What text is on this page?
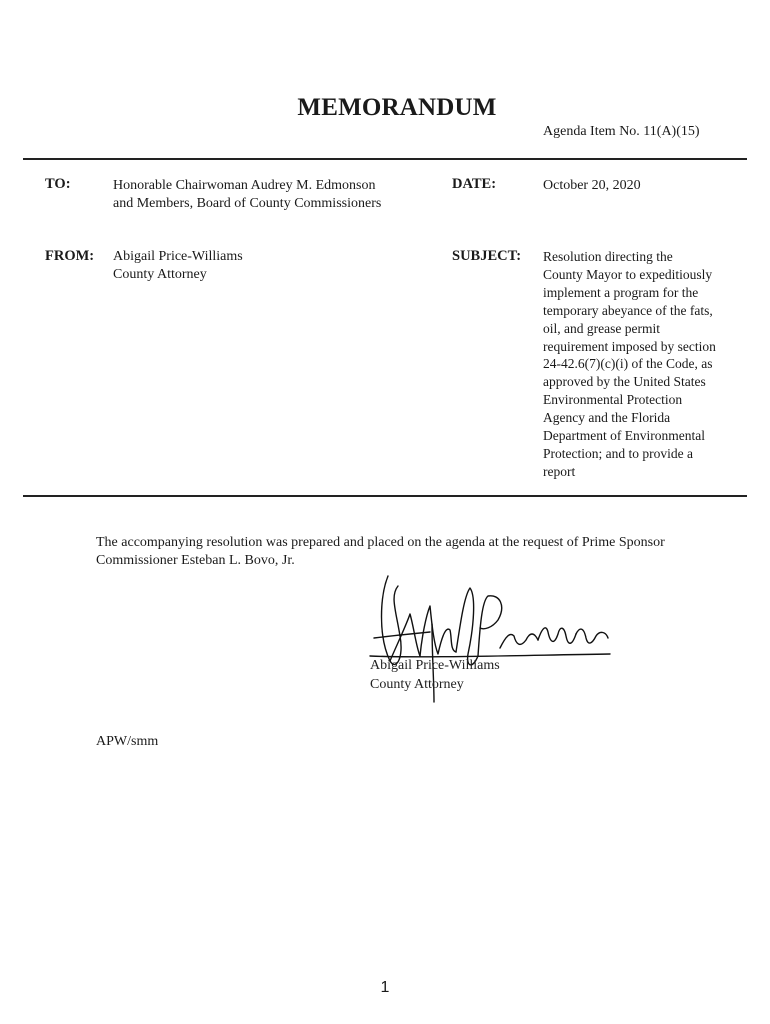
MEMORANDUM
Agenda Item No. 11(A)(15)
TO:	Honorable Chairwoman Audrey M. Edmonson
and Members, Board of County Commissioners
DATE:	October 20, 2020
FROM: Abigail Price-Williams
County Attorney
SUBJECT: Resolution directing the
County Mayor to expeditiously
implement a program for the
temporary abeyance of the fats,
oil, and grease permit
requirement imposed by section
24-42.6(7)(c)(i) of the Code, as
approved by the United States
Environmental Protection
Agency and the Florida
Department of Environmental
Protection; and to provide a
report
The accompanying resolution was prepared and placed on the agenda at the request of Prime Sponsor
Commissioner Esteban L. Bovo, Jr.
Abigail Price-Williams
County Attorney
APW/smm
1
